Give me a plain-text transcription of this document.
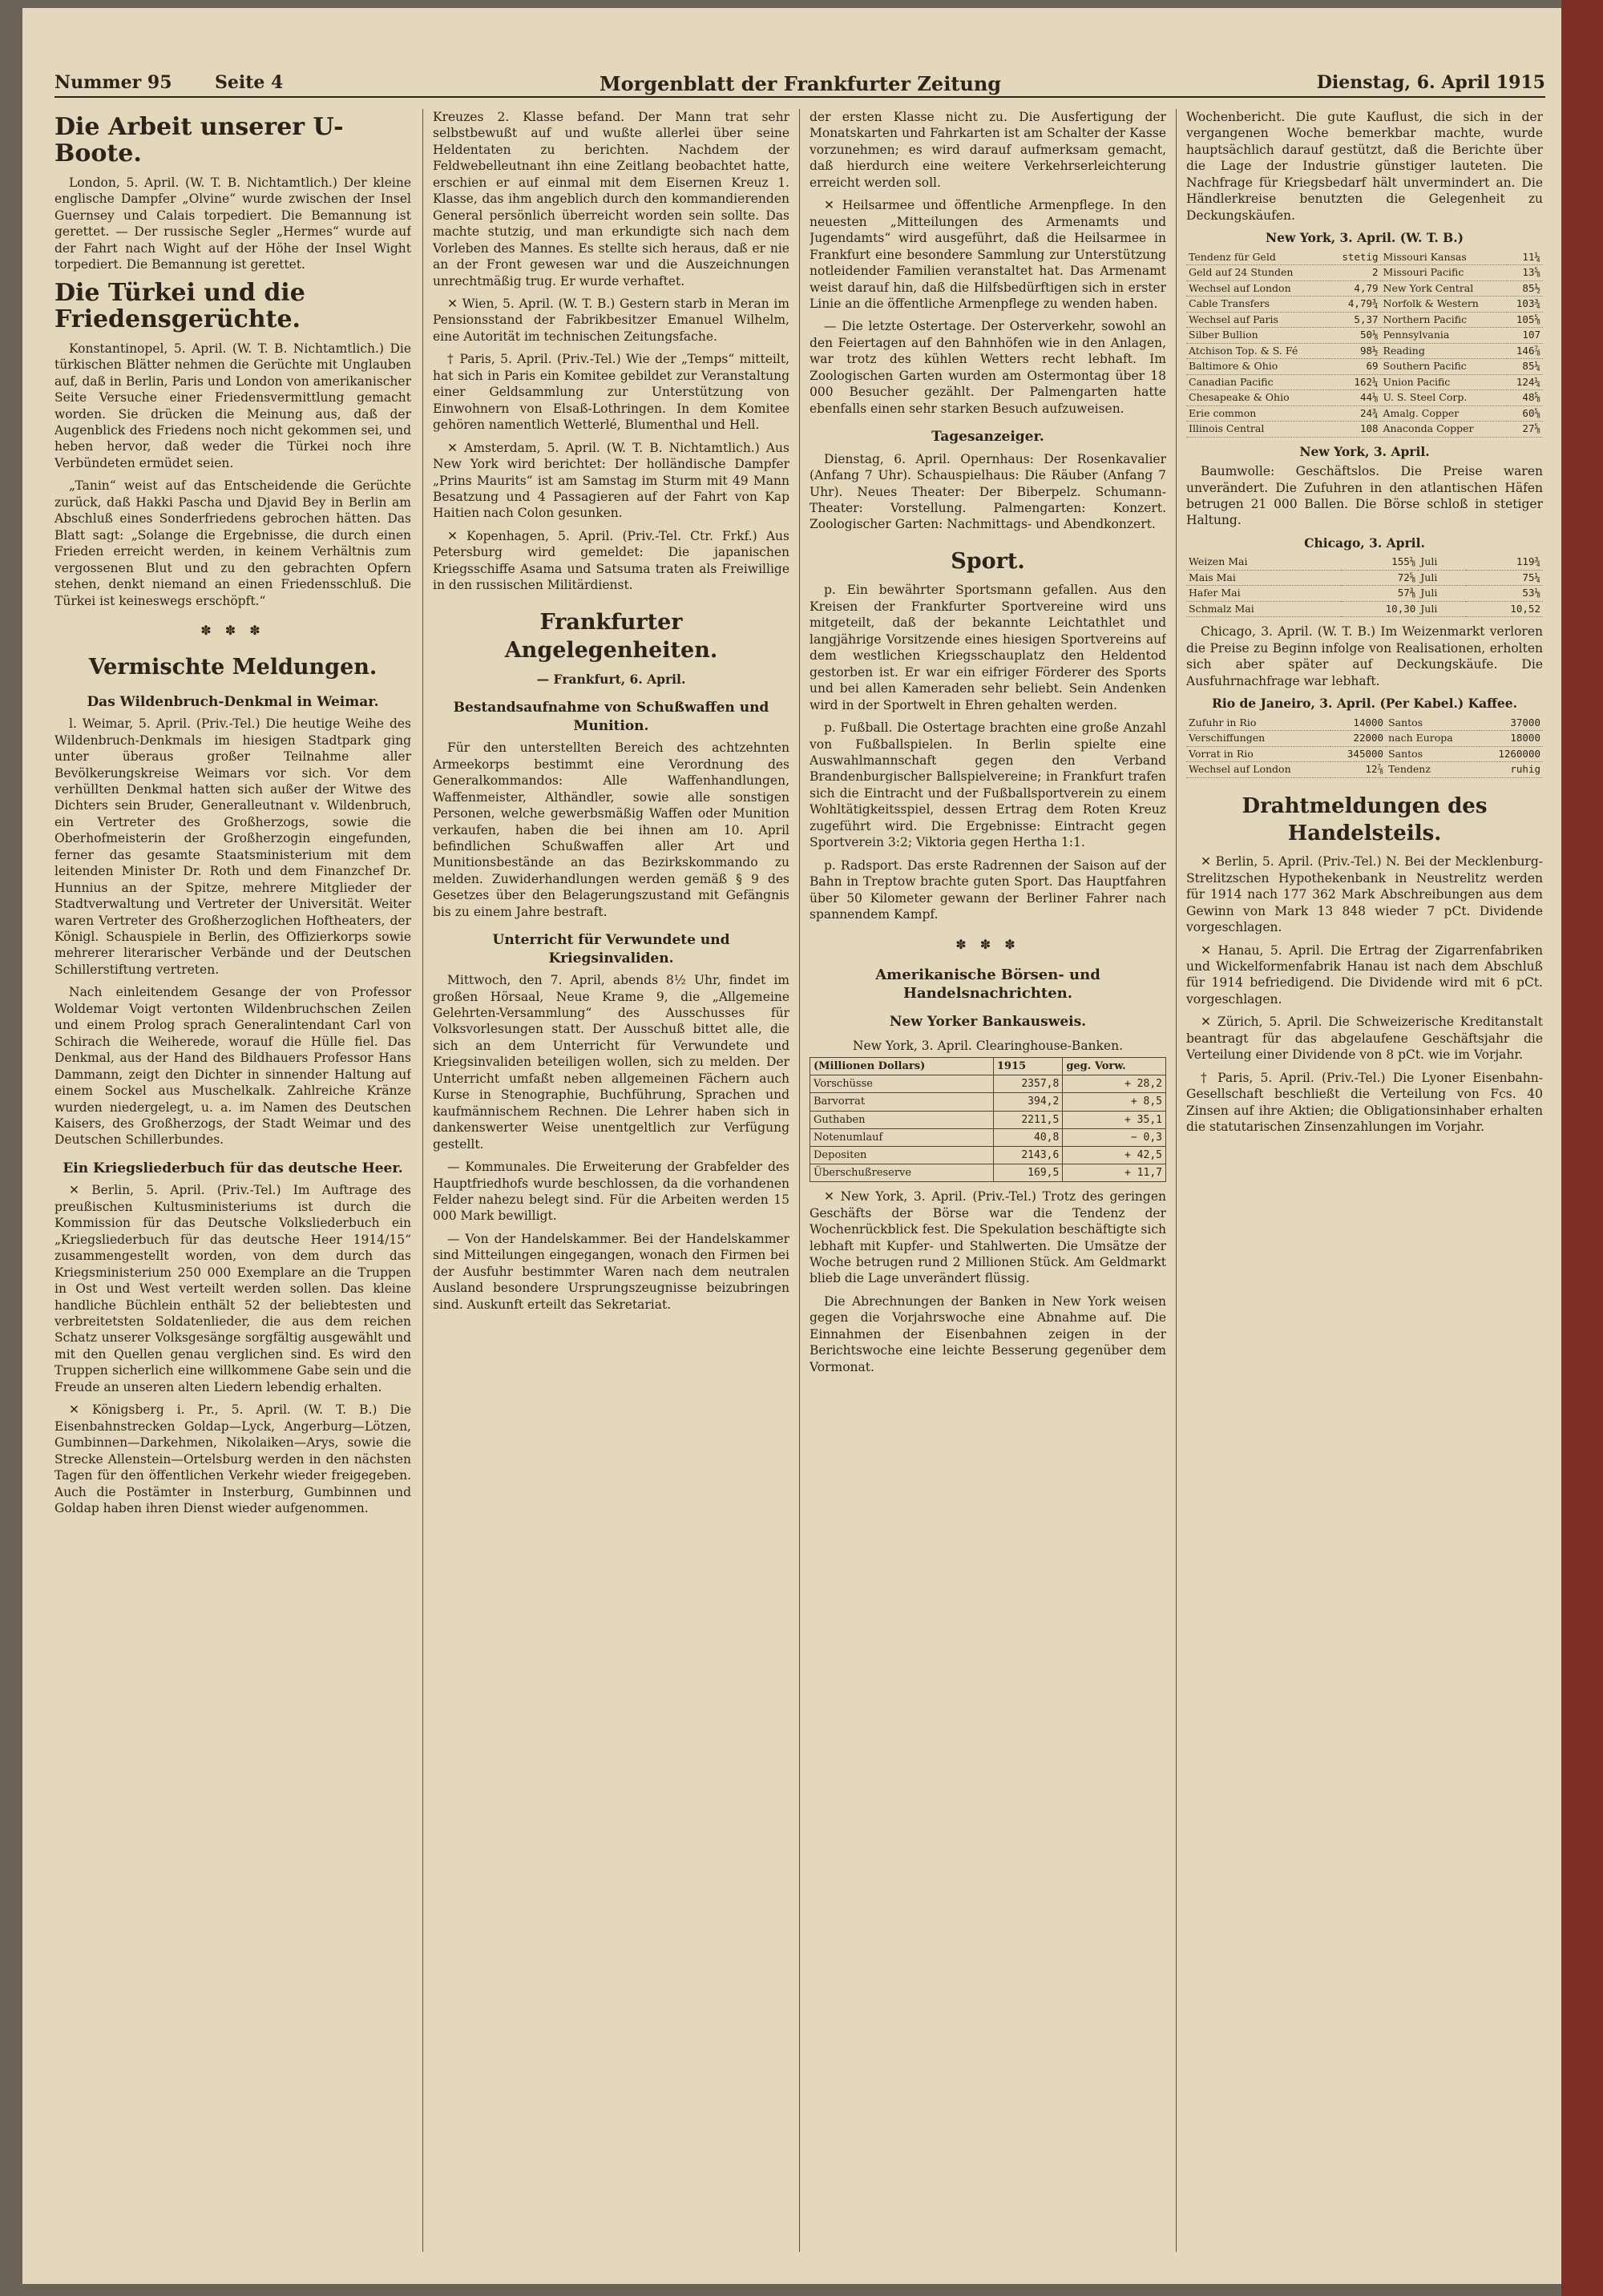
Nummer 95 Seite 4	Morgenblatt der Frankfurter Zeitung	Dienstag, 6. April 1915
Die Arbeit unserer U-Boote.

London, 5. April. (W. T. B. Nichtamtlich.) Der kleine englische Dampfer „Olvine“ wurde zwischen der Insel Guernsey und Calais torpediert. Die Bemannung ist gerettet. — Der russische Segler „Hermes“ wurde auf der Fahrt nach Wight auf der Höhe der Insel Wight torpediert. Die Bemannung ist gerettet.

Die Türkei und die Friedensgerüchte.

Konstantinopel, 5. April. (W. T. B. Nichtamtlich.) Die türkischen Blätter nehmen die Gerüchte mit Unglauben auf, daß in Berlin, Paris und London von amerikanischer Seite Versuche einer Friedensvermittlung gemacht worden. Sie drücken die Meinung aus, daß der Augenblick des Friedens noch nicht gekommen sei, und heben hervor, daß weder die Türkei noch ihre Verbündeten ermüdet seien.

„Tanin“ weist auf das Entscheidende die Gerüchte zurück, daß Hakki Pascha und Djavid Bey in Berlin am Abschluß eines Sonderfriedens gebrochen hätten. Das Blatt sagt: „Solange die Ergebnisse, die durch einen Frieden erreicht werden, in keinem Verhältnis zum vergossenen Blut und zu den gebrachten Opfern stehen, denkt niemand an einen Friedensschluß. Die Türkei ist keineswegs erschöpft.“

✽ ✽ ✽
Vermischte Meldungen.
Das Wildenbruch-Denkmal in Weimar.

l. Weimar, 5. April. (Priv.-Tel.) Die heutige Weihe des Wildenbruch-Denkmals im hiesigen Stadtpark ging unter überaus großer Teilnahme aller Bevölkerungskreise Weimars vor sich. Vor dem verhüllten Denkmal hatten sich außer der Witwe des Dichters sein Bruder, Generalleutnant v. Wildenbruch, ein Vertreter des Großherzogs, sowie die Oberhofmeisterin der Großherzogin eingefunden, ferner das gesamte Staatsministerium mit dem leitenden Minister Dr. Roth und dem Finanzchef Dr. Hunnius an der Spitze, mehrere Mitglieder der Stadtverwaltung und Vertreter der Universität. Weiter waren Vertreter des Großherzoglichen Hoftheaters, der Königl. Schauspiele in Berlin, des Offizierkorps sowie mehrerer literarischer Verbände und der Deutschen Schillerstiftung vertreten.

Nach einleitendem Gesange der von Professor Woldemar Voigt vertonten Wildenbruchschen Zeilen und einem Prolog sprach Generalintendant Carl von Schirach die Weiherede, worauf die Hülle fiel. Das Denkmal, aus der Hand des Bildhauers Professor Hans Dammann, zeigt den Dichter in sinnender Haltung auf einem Sockel aus Muschelkalk. Zahlreiche Kränze wurden niedergelegt, u. a. im Namen des Deutschen Kaisers, des Großherzogs, der Stadt Weimar und des Deutschen Schillerbundes.

Ein Kriegsliederbuch für das deutsche Heer.

✕ Berlin, 5. April. (Priv.-Tel.) Im Auftrage des preußischen Kultusministeriums ist durch die Kommission für das Deutsche Volksliederbuch ein „Kriegsliederbuch für das deutsche Heer 1914/15“ zusammengestellt worden, von dem durch das Kriegsministerium 250 000 Exemplare an die Truppen in Ost und West verteilt werden sollen. Das kleine handliche Büchlein enthält 52 der beliebtesten und verbreitetsten Soldatenlieder, die aus dem reichen Schatz unserer Volksgesänge sorgfältig ausgewählt und mit den Quellen genau verglichen sind. Es wird den Truppen sicherlich eine willkommene Gabe sein und die Freude an unseren alten Liedern lebendig erhalten.

✕ Königsberg i. Pr., 5. April. (W. T. B.) Die Eisenbahnstrecken Goldap—Lyck, Angerburg—Lötzen, Gumbinnen—Darkehmen, Nikolaiken—Arys, sowie die Strecke Allenstein—Ortelsburg werden in den nächsten Tagen für den öffentlichen Verkehr wieder freigegeben. Auch die Postämter in Insterburg, Gumbinnen und Goldap haben ihren Dienst wieder aufgenommen.

Kreuzes 2. Klasse befand. Der Mann trat sehr selbstbewußt auf und wußte allerlei über seine Heldentaten zu berichten. Nachdem der Feldwebelleutnant ihn eine Zeitlang beobachtet hatte, erschien er auf einmal mit dem Eisernen Kreuz 1. Klasse, das ihm angeblich durch den kommandierenden General persönlich überreicht worden sein sollte. Das machte stutzig, und man erkundigte sich nach dem Vorleben des Mannes. Es stellte sich heraus, daß er nie an der Front gewesen war und die Auszeichnungen unrechtmäßig trug. Er wurde verhaftet.

✕ Wien, 5. April. (W. T. B.) Gestern starb in Meran im Pensionsstand der Fabrikbesitzer Emanuel Wilhelm, eine Autorität im technischen Zeitungsfache.

† Paris, 5. April. (Priv.-Tel.) Wie der „Temps“ mitteilt, hat sich in Paris ein Komitee gebildet zur Veranstaltung einer Geldsammlung zur Unterstützung von Einwohnern von Elsaß-Lothringen. In dem Komitee gehören namentlich Wetterlé, Blumenthal und Hell.

✕ Amsterdam, 5. April. (W. T. B. Nichtamtlich.) Aus New York wird berichtet: Der holländische Dampfer „Prins Maurits“ ist am Samstag im Sturm mit 49 Mann Besatzung und 4 Passagieren auf der Fahrt von Kap Haitien nach Colon gesunken.

✕ Kopenhagen, 5. April. (Priv.-Tel. Ctr. Frkf.) Aus Petersburg wird gemeldet: Die japanischen Kriegsschiffe Asama und Satsuma traten als Freiwillige in den russischen Militärdienst.

Frankfurter Angelegenheiten.
— Frankfurt, 6. April.
Bestandsaufnahme von Schußwaffen und Munition.

Für den unterstellten Bereich des achtzehnten Armeekorps bestimmt eine Verordnung des Generalkommandos: Alle Waffenhandlungen, Waffenmeister, Althändler, sowie alle sonstigen Personen, welche gewerbsmäßig Waffen oder Munition verkaufen, haben die bei ihnen am 10. April befindlichen Schußwaffen aller Art und Munitionsbestände an das Bezirkskommando zu melden. Zuwiderhandlungen werden gemäß § 9 des Gesetzes über den Belagerungszustand mit Gefängnis bis zu einem Jahre bestraft.

Unterricht für Verwundete und Kriegsinvaliden.

Mittwoch, den 7. April, abends 8½ Uhr, findet im großen Hörsaal, Neue Krame 9, die „Allgemeine Gelehrten-Versammlung“ des Ausschusses für Volksvorlesungen statt. Der Ausschuß bittet alle, die sich an dem Unterricht für Verwundete und Kriegsinvaliden beteiligen wollen, sich zu melden. Der Unterricht umfaßt neben allgemeinen Fächern auch Kurse in Stenographie, Buchführung, Sprachen und kaufmännischem Rechnen. Die Lehrer haben sich in dankenswerter Weise unentgeltlich zur Verfügung gestellt.

— Kommunales. Die Erweiterung der Grabfelder des Hauptfriedhofs wurde beschlossen, da die vorhandenen Felder nahezu belegt sind. Für die Arbeiten werden 15 000 Mark bewilligt.

— Von der Handelskammer. Bei der Handelskammer sind Mitteilungen eingegangen, wonach den Firmen bei der Ausfuhr bestimmter Waren nach dem neutralen Ausland besondere Ursprungszeugnisse beizubringen sind. Auskunft erteilt das Sekretariat.

der ersten Klasse nicht zu. Die Ausfertigung der Monatskarten und Fahrkarten ist am Schalter der Kasse vorzunehmen; es wird darauf aufmerksam gemacht, daß hierdurch eine weitere Verkehrserleichterung erreicht werden soll.

✕ Heilsarmee und öffentliche Armenpflege. In den neuesten „Mitteilungen des Armenamts und Jugendamts“ wird ausgeführt, daß die Heilsarmee in Frankfurt eine besondere Sammlung zur Unterstützung notleidender Familien veranstaltet hat. Das Armenamt weist darauf hin, daß die Hilfsbedürftigen sich in erster Linie an die öffentliche Armenpflege zu wenden haben.

— Die letzte Ostertage. Der Osterverkehr, sowohl an den Feiertagen auf den Bahnhöfen wie in den Anlagen, war trotz des kühlen Wetters recht lebhaft. Im Zoologischen Garten wurden am Ostermontag über 18 000 Besucher gezählt. Der Palmengarten hatte ebenfalls einen sehr starken Besuch aufzuweisen.

Tagesanzeiger.

Dienstag, 6. April. Opernhaus: Der Rosenkavalier (Anfang 7 Uhr). Schauspielhaus: Die Räuber (Anfang 7 Uhr). Neues Theater: Der Biberpelz. Schumann-Theater: Vorstellung. Palmengarten: Konzert. Zoologischer Garten: Nachmittags- und Abendkonzert.

Sport.

p. Ein bewährter Sportsmann gefallen. Aus den Kreisen der Frankfurter Sportvereine wird uns mitgeteilt, daß der bekannte Leichtathlet und langjährige Vorsitzende eines hiesigen Sportvereins auf dem westlichen Kriegsschauplatz den Heldentod gestorben ist. Er war ein eifriger Förderer des Sports und bei allen Kameraden sehr beliebt. Sein Andenken wird in der Sportwelt in Ehren gehalten werden.

p. Fußball. Die Ostertage brachten eine große Anzahl von Fußballspielen. In Berlin spielte eine Auswahlmannschaft gegen den Verband Brandenburgischer Ballspielvereine; in Frankfurt trafen sich die Eintracht und der Fußballsportverein zu einem Wohltätigkeitsspiel, dessen Ertrag dem Roten Kreuz zugeführt wird. Die Ergebnisse: Eintracht gegen Sportverein 3:2; Viktoria gegen Hertha 1:1.

p. Radsport. Das erste Radrennen der Saison auf der Bahn in Treptow brachte guten Sport. Das Hauptfahren über 50 Kilometer gewann der Berliner Fahrer nach spannendem Kampf.

✽ ✽ ✽
Amerikanische Börsen- und Handelsnachrichten.
New Yorker Bankausweis.
New York, 3. April. Clearinghouse-Banken.
(Millionen Dollars)	1915	geg. Vorw.
Vorschüsse	2357,8	+ 28,2
Barvorrat	394,2	+ 8,5
Guthaben	2211,5	+ 35,1
Notenumlauf	40,8	− 0,3
Depositen	2143,6	+ 42,5
Überschußreserve	169,5	+ 11,7

✕ New York, 3. April. (Priv.-Tel.) Trotz des geringen Geschäfts der Börse war die Tendenz der Wochenrückblick fest. Die Spekulation beschäftigte sich lebhaft mit Kupfer- und Stahlwerten. Die Umsätze der Woche betrugen rund 2 Millionen Stück. Am Geldmarkt blieb die Lage unverändert flüssig.

Die Abrechnungen der Banken in New York weisen gegen die Vorjahrswoche eine Abnahme auf. Die Einnahmen der Eisenbahnen zeigen in der Berichtswoche eine leichte Besserung gegenüber dem Vormonat.

Wochenbericht. Die gute Kauflust, die sich in der vergangenen Woche bemerkbar machte, wurde hauptsächlich darauf gestützt, daß die Berichte über die Lage der Industrie günstiger lauteten. Die Nachfrage für Kriegsbedarf hält unvermindert an. Die Händlerkreise benutzten die Gelegenheit zu Deckungskäufen.

New York, 3. April. (W. T. B.)
Tendenz für Geld	stetig	Missouri Kansas	11¼
Geld auf 24 Stunden	2	Missouri Pacific	13⅝
Wechsel auf London	4,79	New York Central	85½
Cable Transfers	4,79¾	Norfolk & Western	103¾
Wechsel auf Paris	5,37	Northern Pacific	105⅝
Silber Bullion	50⅛	Pennsylvania	107
Atchison Top. & S. Fé	98½	Reading	146⅞
Baltimore & Ohio	69	Southern Pacific	85¼
Canadian Pacific	162¼	Union Pacific	124¼
Chesapeake & Ohio	44⅛	U. S. Steel Corp.	48⅝
Erie common	24¾	Amalg. Copper	60⅝
Illinois Central	108	Anaconda Copper	27⅝
New York, 3. April.

Baumwolle: Geschäftslos. Die Preise waren unverändert. Die Zufuhren in den atlantischen Häfen betrugen 21 000 Ballen. Die Börse schloß in stetiger Haltung.

Chicago, 3. April.
Weizen Mai	155⅛	Juli	119¾
Mais Mai	72⅝	Juli	75¼
Hafer Mai	57⅜	Juli	53⅛
Schmalz Mai	10,30	Juli	10,52

Chicago, 3. April. (W. T. B.) Im Weizenmarkt verloren die Preise zu Beginn infolge von Realisationen, erholten sich aber später auf Deckungskäufe. Die Ausfuhrnachfrage war lebhaft.

Rio de Janeiro, 3. April. (Per Kabel.) Kaffee.
Zufuhr in Rio	14000	Santos	37000
Verschiffungen	22000	nach Europa	18000
Vorrat in Rio	345000	Santos	1260000
Wechsel auf London	12⅞	Tendenz	ruhig
Drahtmeldungen des Handelsteils.

✕ Berlin, 5. April. (Priv.-Tel.) N. Bei der Mecklenburg-Strelitzschen Hypothekenbank in Neustrelitz werden für 1914 nach 177 362 Mark Abschreibungen aus dem Gewinn von Mark 13 848 wieder 7 pCt. Dividende vorgeschlagen.

✕ Hanau, 5. April. Die Ertrag der Zigarrenfabriken und Wickelformenfabrik Hanau ist nach dem Abschluß für 1914 befriedigend. Die Dividende wird mit 6 pCt. vorgeschlagen.

✕ Zürich, 5. April. Die Schweizerische Kreditanstalt beantragt für das abgelaufene Geschäftsjahr die Verteilung einer Dividende von 8 pCt. wie im Vorjahr.

† Paris, 5. April. (Priv.-Tel.) Die Lyoner Eisenbahn-Gesellschaft beschließt die Verteilung von Fcs. 40 Zinsen auf ihre Aktien; die Obligationsinhaber erhalten die statutarischen Zinsenzahlungen im Vorjahr.
